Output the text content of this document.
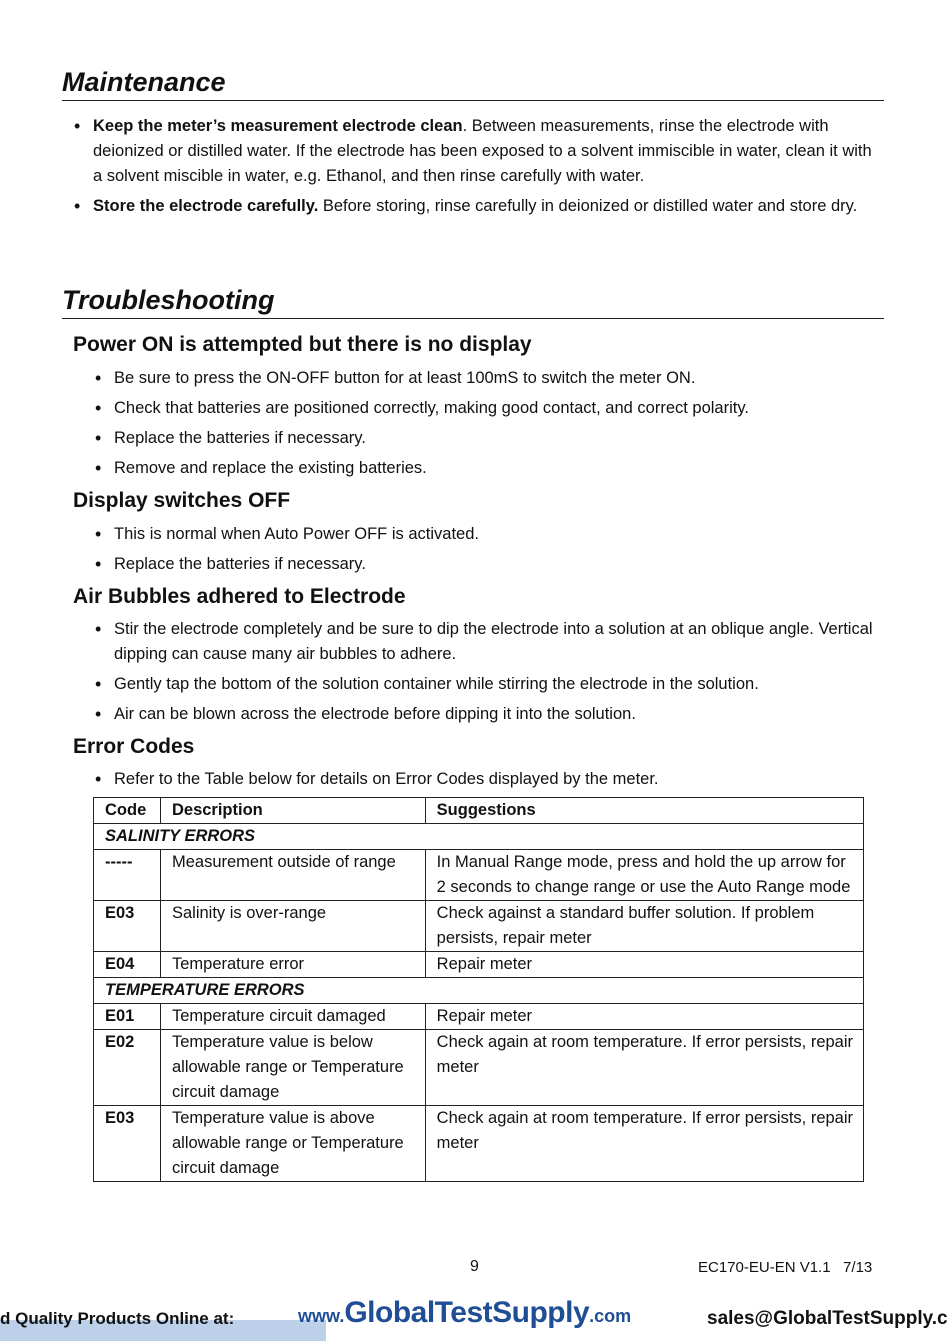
Maintenance
• Keep the meter’s measurement electrode clean. Between measurements, rinse the electrode with deionized or distilled water. If the electrode has been exposed to a solvent immiscible in water, clean it with a solvent miscible in water, e.g. Ethanol, and then rinse carefully with water.
• Store the electrode carefully. Before storing, rinse carefully in deionized or distilled water and store dry.
Troubleshooting
Power ON is attempted but there is no display
• Be sure to press the ON-OFF button for at least 100mS to switch the meter ON.
• Check that batteries are positioned correctly, making good contact, and correct polarity.
• Replace the batteries if necessary.
• Remove and replace the existing batteries.
Display switches OFF
• This is normal when Auto Power OFF is activated.
• Replace the batteries if necessary.
Air Bubbles adhered to Electrode
• Stir the electrode completely and be sure to dip the electrode into a solution at an oblique angle. Vertical dipping can cause many air bubbles to adhere.
• Gently tap the bottom of the solution container while stirring the electrode in the solution.
• Air can be blown across the electrode before dipping it into the solution.
Error Codes
• Refer to the Table below for details on Error Codes displayed by the meter.
Code	Description	Suggestions
SALINITY ERRORS		
-----	Measurement outside of range	In Manual Range mode, press and hold the up arrow for 2 seconds to change range or use the Auto Range mode
E03	Salinity is over-range	Check against a standard buffer solution. If problem persists, repair meter
E04	Temperature error	Repair meter
TEMPERATURE ERRORS		
E01	Temperature circuit damaged	Repair meter
E02	Temperature value is below allowable range or Temperature circuit damage	Check again at room temperature. If error persists, repair meter
E03	Temperature value is above allowable range or Temperature circuit damage	Check again at room temperature. If error persists, repair meter
9	EC170-EU-EN V1.1   7/13
d Quality Products Online at:	www.GlobalTestSupply.com	sales@GlobalTestSupply.c
